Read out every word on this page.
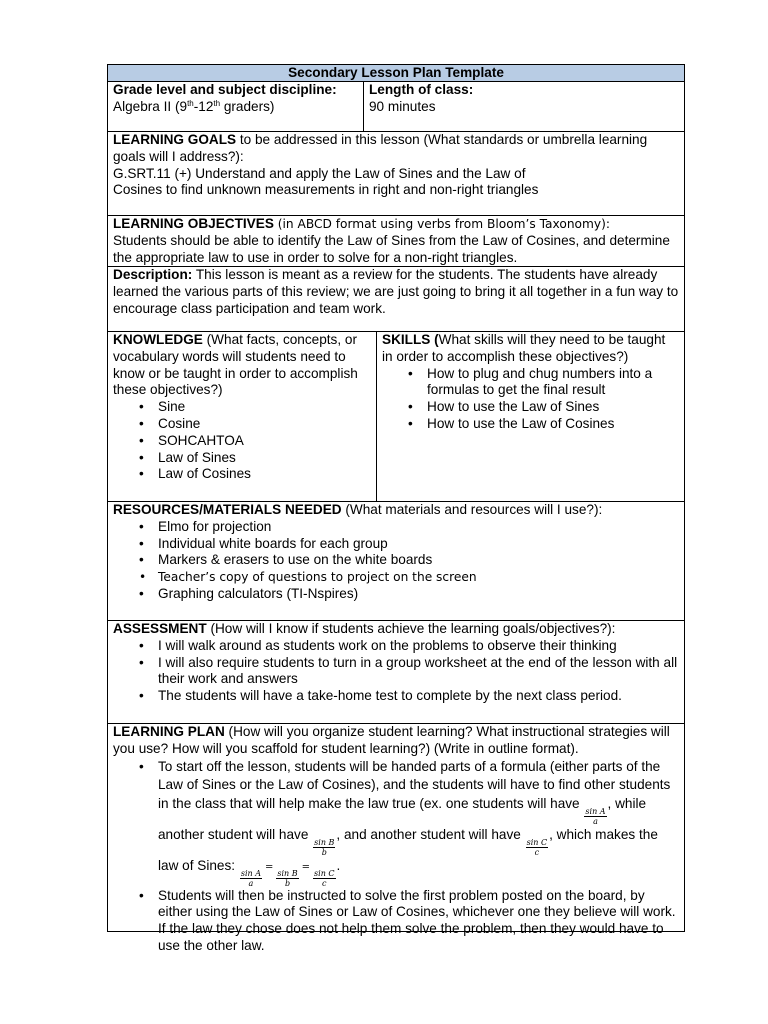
Secondary Lesson Plan Template
Grade level and subject discipline:
Algebra II (9th-12th graders)
Length of class:
90 minutes
LEARNING GOALS to be addressed in this lesson (What standards or umbrella learning goals will I address?):
G.SRT.11 (+) Understand and apply the Law of Sines and the Law of
Cosines to find unknown measurements in right and non-right triangles
LEARNING OBJECTIVES (in ABCD format using verbs from Bloom’s Taxonomy):
Students should be able to identify the Law of Sines from the Law of Cosines, and determine the appropriate law to use in order to solve for a non-right triangles.
Description: This lesson is meant as a review for the students. The students have already learned the various parts of this review; we are just going to bring it all together in a fun way to encourage class participation and team work.
KNOWLEDGE (What facts, concepts, or vocabulary words will students need to know or be taught in order to accomplish these objectives?)
• Sine
• Cosine
• SOHCAHTOA
• Law of Sines
• Law of Cosines
SKILLS (What skills will they need to be taught in order to accomplish these objectives?)
• How to plug and chug numbers into a formulas to get the final result
• How to use the Law of Sines
• How to use the Law of Cosines
RESOURCES/MATERIALS NEEDED (What materials and resources will I use?):
• Elmo for projection
• Individual white boards for each group
• Markers & erasers to use on the white boards
• Teacher’s copy of questions to project on the screen
• Graphing calculators (TI-Nspires)
ASSESSMENT (How will I know if students achieve the learning goals/objectives?):
• I will walk around as students work on the problems to observe their thinking
• I will also require students to turn in a group worksheet at the end of the lesson with all their work and answers
• The students will have a take-home test to complete by the next class period.
LEARNING PLAN (How will you organize student learning? What instructional strategies will you use? How will you scaffold for student learning?) (Write in outline format).
• To start off the lesson, students will be handed parts of a formula (either parts of the Law of Sines or the Law of Cosines), and the students will have to find other students in the class that will help make the law true (ex. one students will have
$\frac{\text{sin A}}{a}$
, while another student will have
$\frac{\text{sin B}}{b}$
, and another student will have
$\frac{\text{sin C}}{c}$
, which makes the law of Sines:
$\frac{\text{sin A}}{a}$
=
$\frac{\text{sin B}}{b}$
=
$\frac{\text{sin C}}{c}$
.
• Students will then be instructed to solve the first problem posted on the board, by either using the Law of Sines or Law of Cosines, whichever one they believe will work. If the law they chose does not help them solve the problem, then they would have to use the other law.
